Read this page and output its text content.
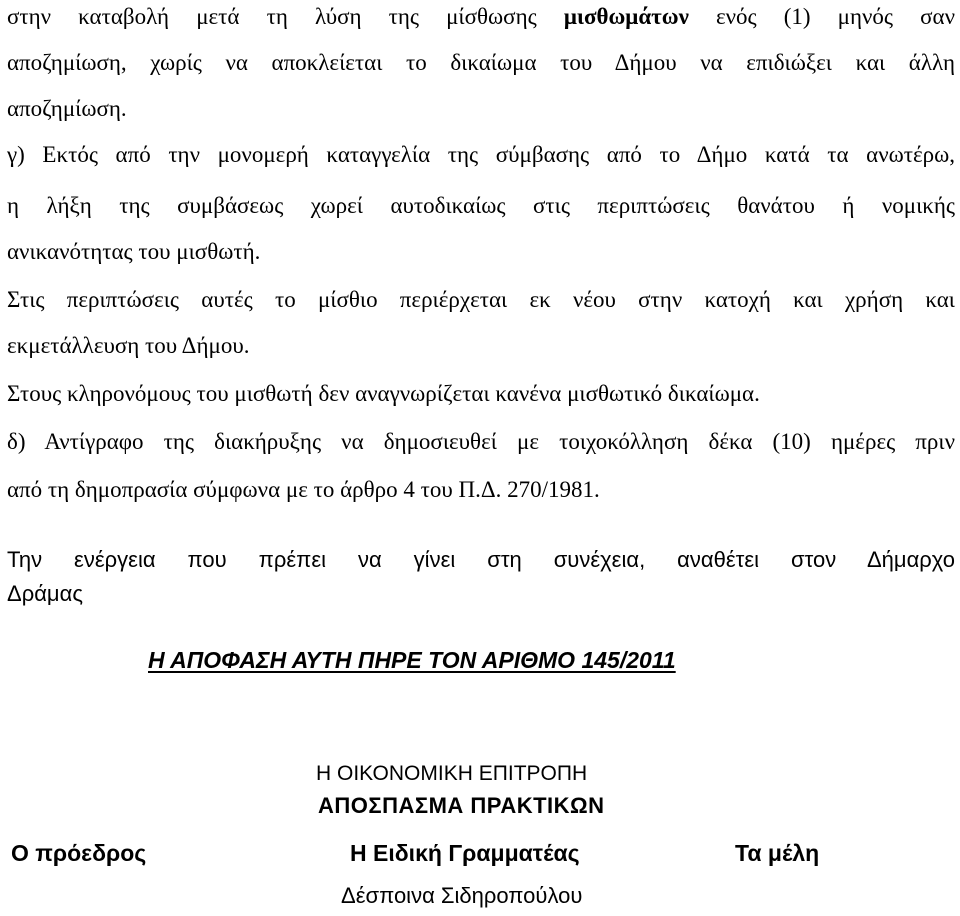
στην καταβολή μετά τη λύση της μίσθωσης μισθωμάτων ενός (1) μηνός σαν
αποζημίωση, χωρίς να αποκλείεται το δικαίωμα του Δήμου να επιδιώξει και άλλη
αποζημίωση.
γ) Εκτός από την μονομερή καταγγελία της σύμβασης από το Δήμο κατά τα ανωτέρω,
η λήξη της συμβάσεως χωρεί αυτοδικαίως στις περιπτώσεις θανάτου ή νομικής
ανικανότητας του μισθωτή.
Στις περιπτώσεις αυτές το μίσθιο περιέρχεται εκ νέου στην κατοχή και χρήση και
εκμετάλλευση του Δήμου.
Στους κληρονόμους του μισθωτή δεν αναγνωρίζεται κανένα μισθωτικό δικαίωμα.
δ) Αντίγραφο της διακήρυξης να δημοσιευθεί με τοιχοκόλληση δέκα (10) ημέρες πριν
από τη δημοπρασία σύμφωνα με το άρθρο 4 του Π.Δ. 270/1981.
Την ενέργεια που πρέπει να γίνει στη συνέχεια, αναθέτει στον Δήμαρχο
Δράμας
Η ΑΠΟΦΑΣΗ ΑΥΤΗ ΠΗΡΕ ΤΟΝ ΑΡΙΘΜΟ 145/2011
Η ΟΙΚΟΝΟΜΙΚΗ ΕΠΙΤΡΟΠΗ
ΑΠΟΣΠΑΣΜΑ ΠΡΑΚΤΙΚΩΝ
Ο πρόεδρος	Η Ειδική Γραμματέας	Τα μέλη
Δέσποινα Σιδηροπούλου
